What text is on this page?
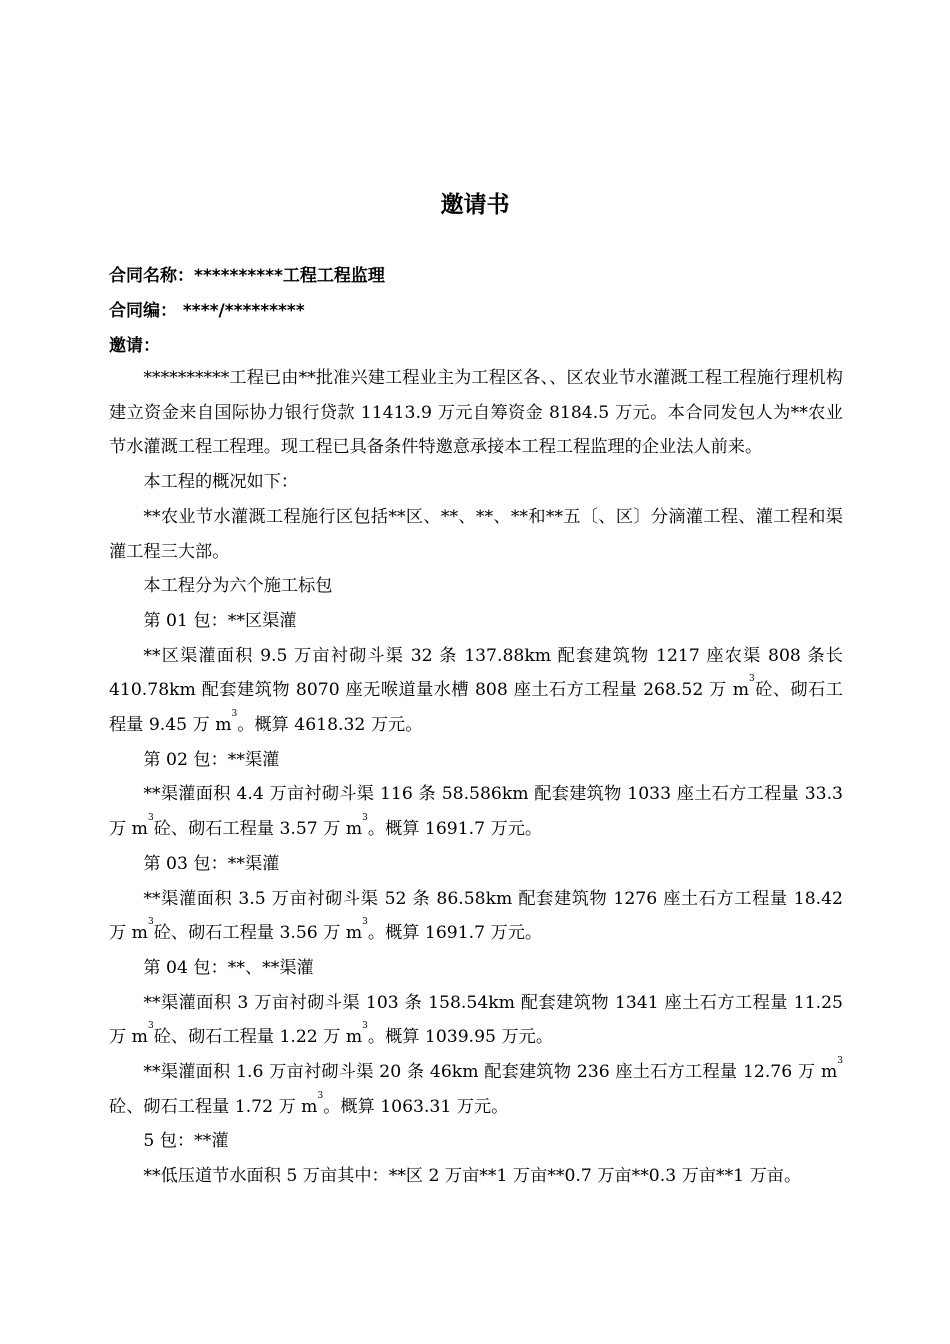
邀请书
合同名称：**********工程工程监理
合同编： ****/*********
邀请：

**********工程已由**批准兴建工程业主为工程区各、、区农业节水灌溉工程工程施行理机构建立资金来自国际协力银行贷款 11413.9 万元自筹资金 8184.5 万元。本合同发包人为**农业节水灌溉工程工程理。现工程已具备条件特邀意承接本工程工程监理的企业法人前来。

本工程的概况如下：

**农业节水灌溉工程施行区包括**区、**、**、**和**五〔、区〕分滴灌工程、灌工程和渠灌工程三大部。

本工程分为六个施工标包

第 01 包：**区渠灌

**区渠灌面积 9.5 万亩衬砌斗渠 32 条 137.88km 配套建筑物 1217 座农渠 808 条长 410.78km 配套建筑物 8070 座无喉道量水槽 808 座土石方工程量 268.52 万 $m^3$砼、砌石工程量 9.45 万 $m^3$。概算 4618.32 万元。

第 02 包：**渠灌

**渠灌面积 4.4 万亩衬砌斗渠 116 条 58.586km 配套建筑物 1033 座土石方工程量 33.3 万 $m^3$砼、砌石工程量 3.57 万 $m^3$。概算 1691.7 万元。

第 03 包：**渠灌

**渠灌面积 3.5 万亩衬砌斗渠 52 条 86.58km 配套建筑物 1276 座土石方工程量 18.42 万 $m^3$砼、砌石工程量 3.56 万 $m^3$。概算 1691.7 万元。

第 04 包：**、**渠灌

**渠灌面积 3 万亩衬砌斗渠 103 条 158.54km 配套建筑物 1341 座土石方工程量 11.25 万 $m^3$砼、砌石工程量 1.22 万 $m^3$。概算 1039.95 万元。

**渠灌面积 1.6 万亩衬砌斗渠 20 条 46km 配套建筑物 236 座土石方工程量 12.76 万 $m^3$砼、砌石工程量 1.72 万 $m^3$。概算 1063.31 万元。

5 包：**灌

**低压道节水面积 5 万亩其中：**区 2 万亩**1 万亩**0.7 万亩**0.3 万亩**1 万亩。
